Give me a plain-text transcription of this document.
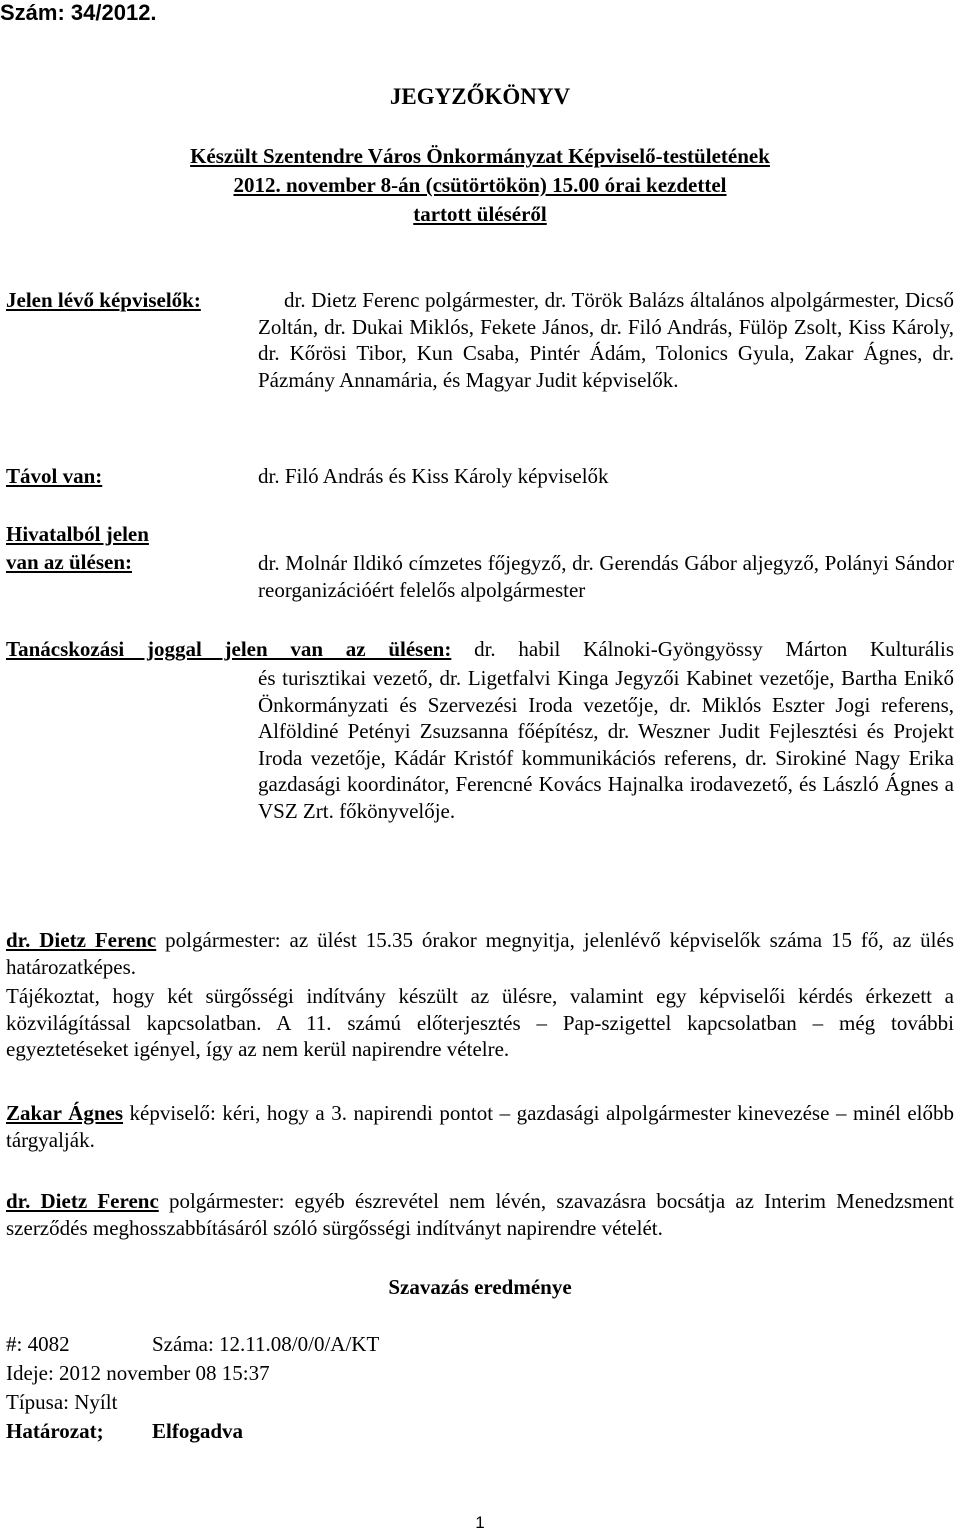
Szám: 34/2012.
JEGYZŐKÖNYV
Készült Szentendre Város Önkormányzat Képviselő-testületének
2012. november 8-án (csütörtökön) 15.00 órai kezdettel
tartott üléséről
Jelen lévő képviselők:	dr. Dietz Ferenc polgármester, dr. Török Balázs általános alpolgármester, Dicső Zoltán, dr. Dukai Miklós, Fekete János, dr. Filó András, Fülöp Zsolt, Kiss Károly, dr. Kőrösi Tibor, Kun Csaba, Pintér Ádám, Tolonics Gyula, Zakar Ágnes, dr. Pázmány Annamária, és Magyar Judit képviselők.
Távol van:	dr. Filó András és Kiss Károly képviselők
Hivatalból jelen
van az ülésen:	dr. Molnár Ildikó címzetes főjegyző, dr. Gerendás Gábor aljegyző, Polányi Sándor reorganizációért felelős alpolgármester
Tanácskozási joggal jelen van az ülésen: dr. habil Kálnoki-Gyöngyössy Márton Kulturális
és turisztikai vezető, dr. Ligetfalvi Kinga Jegyzői Kabinet vezetője, Bartha Enikő Önkormányzati és Szervezési Iroda vezetője, dr. Miklós Eszter Jogi referens, Alföldiné Petényi Zsuzsanna főépítész, dr. Weszner Judit Fejlesztési és Projekt Iroda vezetője, Kádár Kristóf kommunikációs referens, dr. Sirokiné Nagy Erika gazdasági koordinátor, Ferencné Kovács Hajnalka irodavezető, és László Ágnes a VSZ Zrt. főkönyvelője.
dr. Dietz Ferenc polgármester: az ülést 15.35 órakor megnyitja, jelenlévő képviselők száma 15 fő, az ülés határozatképes.
Tájékoztat, hogy két sürgősségi indítvány készült az ülésre, valamint egy képviselői kérdés érkezett a közvilágítással kapcsolatban. A 11. számú előterjesztés – Pap-szigettel kapcsolatban – még további egyeztetéseket igényel, így az nem kerül napirendre vételre.
Zakar Ágnes képviselő: kéri, hogy a 3. napirendi pontot – gazdasági alpolgármester kinevezése – minél előbb tárgyalják.
dr. Dietz Ferenc polgármester: egyéb észrevétel nem lévén, szavazásra bocsátja az Interim Menedzsment szerződés meghosszabbításáról szóló sürgősségi indítványt napirendre vételét.
Szavazás eredménye
#: 4082	Száma: 12.11.08/0/0/A/KT
Ideje: 2012 november 08 15:37
Típusa: Nyílt
Határozat; Elfogadva
1
